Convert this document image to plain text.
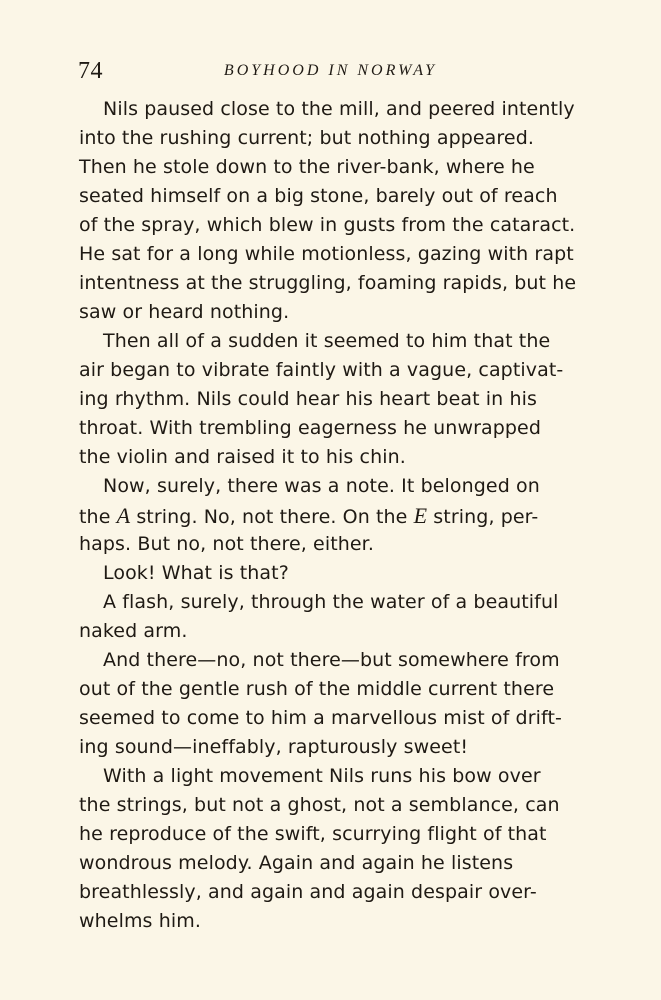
74	BOYHOOD IN NORWAY
Nils paused close to the mill, and peered intently
into the rushing current; but nothing appeared.
Then he stole down to the river-bank, where he
seated himself on a big stone, barely out of reach
of the spray, which blew in gusts from the cataract.
He sat for a long while motionless, gazing with rapt
intentness at the struggling, foaming rapids, but he
saw or heard nothing.
Then all of a sudden it seemed to him that the
air began to vibrate faintly with a vague, captivat-
ing rhythm. Nils could hear his heart beat in his
throat. With trembling eagerness he unwrapped
the violin and raised it to his chin.
Now, surely, there was a note. It belonged on
the A string. No, not there. On the E string, per-
haps. But no, not there, either.
Look! What is that?
A flash, surely, through the water of a beautiful
naked arm.
And there—no, not there—but somewhere from
out of the gentle rush of the middle current there
seemed to come to him a marvellous mist of drift-
ing sound—ineffably, rapturously sweet!
With a light movement Nils runs his bow over
the strings, but not a ghost, not a semblance, can
he reproduce of the swift, scurrying flight of that
wondrous melody. Again and again he listens
breathlessly, and again and again despair over-
whelms him.
